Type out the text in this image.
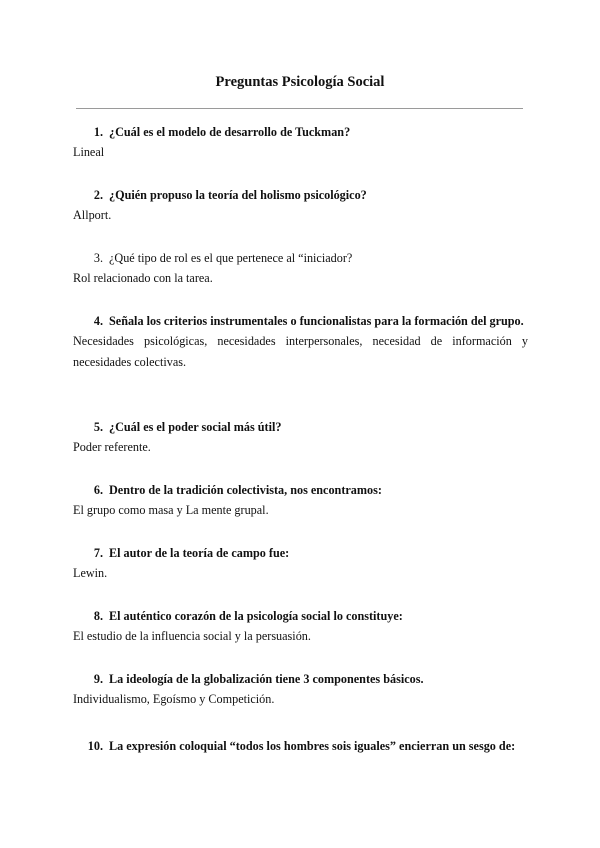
Preguntas Psicología Social

1. ¿Cuál es el modelo de desarrollo de Tuckman?

Lineal

2. ¿Quién propuso la teoría del holismo psicológico?

Allport.

3. ¿Qué tipo de rol es el que pertenece al “iniciador?

Rol relacionado con la tarea.

4. Señala los criterios instrumentales o funcionalistas para la formación del grupo.

Necesidades psicológicas, necesidades interpersonales, necesidad de información y necesidades colectivas.

5. ¿Cuál es el poder social más útil?

Poder referente.

6. Dentro de la tradición colectivista, nos encontramos:

El grupo como masa y La mente grupal.

7. El autor de la teoría de campo fue:

Lewin.

8. El auténtico corazón de la psicología social lo constituye:

El estudio de la influencia social y la persuasión.

9. La ideología de la globalización tiene 3 componentes básicos.

Individualismo, Egoísmo y Competición.

10. La expresión coloquial “todos los hombres sois iguales” encierran un sesgo de:
